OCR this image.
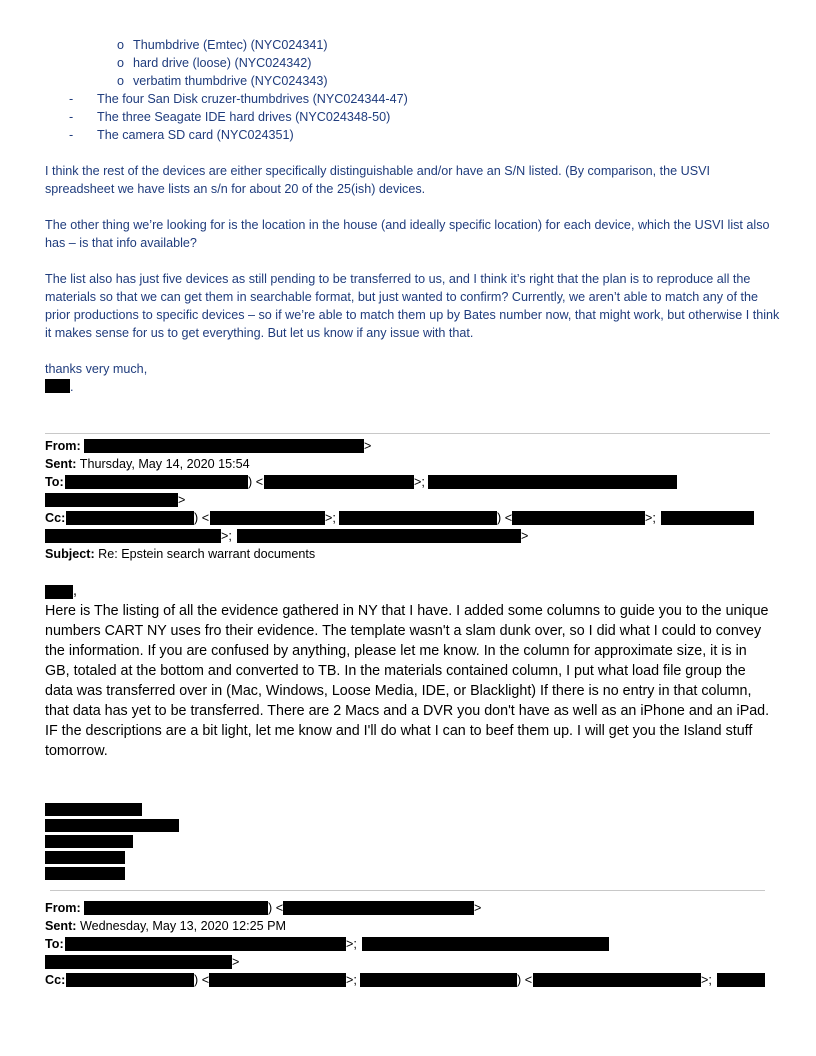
o Thumbdrive (Emtec) (NYC024341)
o hard drive (loose) (NYC024342)
o verbatim thumbdrive (NYC024343)
- The four San Disk cruzer-thumbdrives (NYC024344-47)
- The three Seagate IDE hard drives (NYC024348-50)
- The camera SD card (NYC024351)
I think the rest of the devices are either specifically distinguishable and/or have an S/N listed. (By comparison, the USVI spreadsheet we have lists an s/n for about 20 of the 25(ish) devices.
The other thing we’re looking for is the location in the house (and ideally specific location) for each device, which the USVI list also has – is that info available?
The list also has just five devices as still pending to be transferred to us, and I think it’s right that the plan is to reproduce all the materials so that we can get them in searchable format, but just wanted to confirm? Currently, we aren’t able to match any of the prior productions to specific devices – so if we’re able to match them up by Bates number now, that might work, but otherwise I think it makes sense for us to get everything. But let us know if any issue with that.
thanks very much,
.
From:	>
Sent: Thursday, May 14, 2020 15:54
To:	) <	>;
>
Cc:	) <	>;	) <	>;
>;	>
Subject: Re: Epstein search warrant documents
,
Here is The listing of all the evidence gathered in NY that I have. I added some columns to guide you to the unique numbers CART NY uses fro their evidence. The template wasn't a slam dunk over, so I did what I could to convey the information. If you are confused by anything, please let me know. In the column for approximate size, it is in GB, totaled at the bottom and converted to TB. In the materials contained column, I put what load file group the data was transferred over in (Mac, Windows, Loose Media, IDE, or Blacklight) If there is no entry in that column, that data has yet to be transferred. There are 2 Macs and a DVR you don't have as well as an iPhone and an iPad. IF the descriptions are a bit light, let me know and I'll do what I can to beef them up. I will get you the Island stuff tomorrow.
From:	) <	>
Sent: Wednesday, May 13, 2020 12:25 PM
To:	>;
>
Cc:	) <	>;	) <	>;
